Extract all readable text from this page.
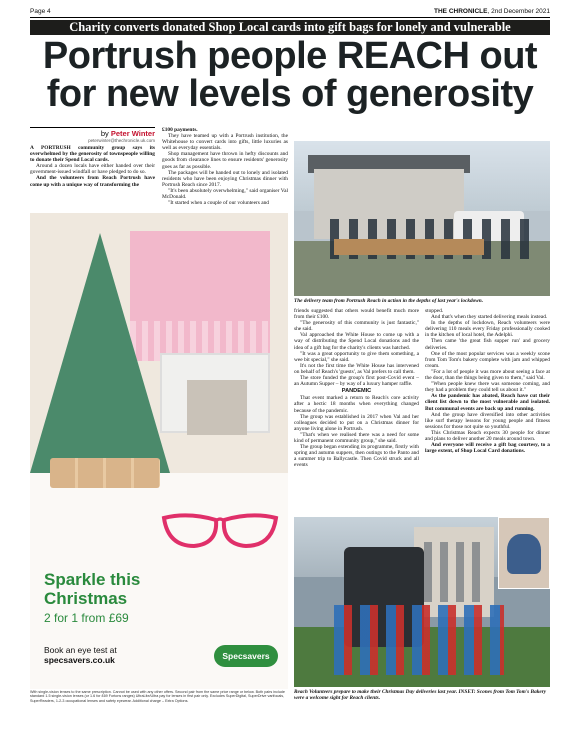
Page 4	THE CHRONICLE, 2nd December 2021
Charity converts donated Shop Local cards into gift bags for lonely and vulnerable
Portrush people REACH out for new levels of generosity
by Peter Winter
peterwinter@thechronicle.uk.com

A PORTRUSH community group says its overwhelmed by the generosity of townspeople willing to donate their Spend Local cards.

Around a dozen locals have either handed over their government-issued windfall or have pledged to do so.

And the volunteers from Reach Portrush have come up with a unique way of transforming the

£100 payments.

They have teamed up with a Portrush institution, the Whitehouse to convert cards into gifts, little luxuries as well as everyday essentials.

Shop management have thrown in hefty discounts and goods from clearance lines to ensure residents' generosity goes as far as possible.

The packages will be handed out to lonely and isolated residents who have been enjoying Christmas dinner with Portrush Reach since 2017.

"It's been absolutely overwhelming," said organiser Val McDonald.

"It started when a couple of our volunteers and

friends suggested that others would benefit much more from their £100.

"The generosity of this community is just fantastic," she said.

Val approached the White House to come up with a way of distributing the Spend Local donations and the idea of a gift bag for the charity's clients was hatched.

"It was a great opportunity to give them something, a wee bit special," she said.

It's not the first time the White House has intervened on behalf of Reach's 'guests', as Val prefers to call them.

The store funded the group's first post-Covid event – an Autumn Supper – by way of a luxury hamper raffle.

PANDEMIC

That event marked a return to Reach's core activity after a hectic 18 months when everything changed because of the pandemic.

The group was established in 2017 when Val and her colleagues decided to put on a Christmas dinner for anyone living alone in Portrush.

"That's when we realised there was a need for some kind of permanent community group," she said.

The group began extending its programme, firstly with spring and autumn suppers, then outings to the Panto and a summer trip to Ballycastle. Then Covid struck and all events

stopped.

And that's when they started delivering meals instead.

In the depths of lockdown, Reach volunteers were delivering 110 meals every Friday professionally cooked in the kitchen of local hotel, the Adelphi.

Then came 'the great fish supper run' and grocery deliveries.

One of the most popular services was a weekly scone from Tom Tom's bakery complete with jam and whipped cream.

"For a lot of people it was more about seeing a face at the door, than the things being given to them," said Val.

"When people knew there was someone coming, and they had a problem they could tell us about it."

As the pandemic has abated, Reach have cut their client list down to the most vulnerable and isolated. But communal events are back up and running.

And the group have diversified into other activities like surf therapy lessons for young people and fitness sessions for those not quite so youthful.

This Christmas Reach expects 30 people for dinner and plans to deliver another 20 meals around town.

And everyone will receive a gift bag courtesy, to a large extent, of Shop Local Card donations.

Sparkle this
Christmas
2 for 1 from £69
Book an eye test at
specsavers.co.uk	Specsavers
With single-vision lenses to the same prescription. Cannot be used with any other offers. Second pair from the same price range or below. Both pairs include standard 1.5 single-vision lenses (or 1.6 for £69 Fortons ranges) UltraLite/Ultra pay for lenses in first pair only. Excludes SuperDigital, SuperDrive varifocals, SuperReaders, 1-2-3 occupational lenses and safety eyewear. Additional charge – Extra Options.
The delivery team from Portrush Reach in action in the depths of last year's lockdown.
Reach Volunteers prepare to make their Christmas Day deliveries last year. INSET: Scones from Tom Tom's Bakery were a welcome sight for Reach clients.
